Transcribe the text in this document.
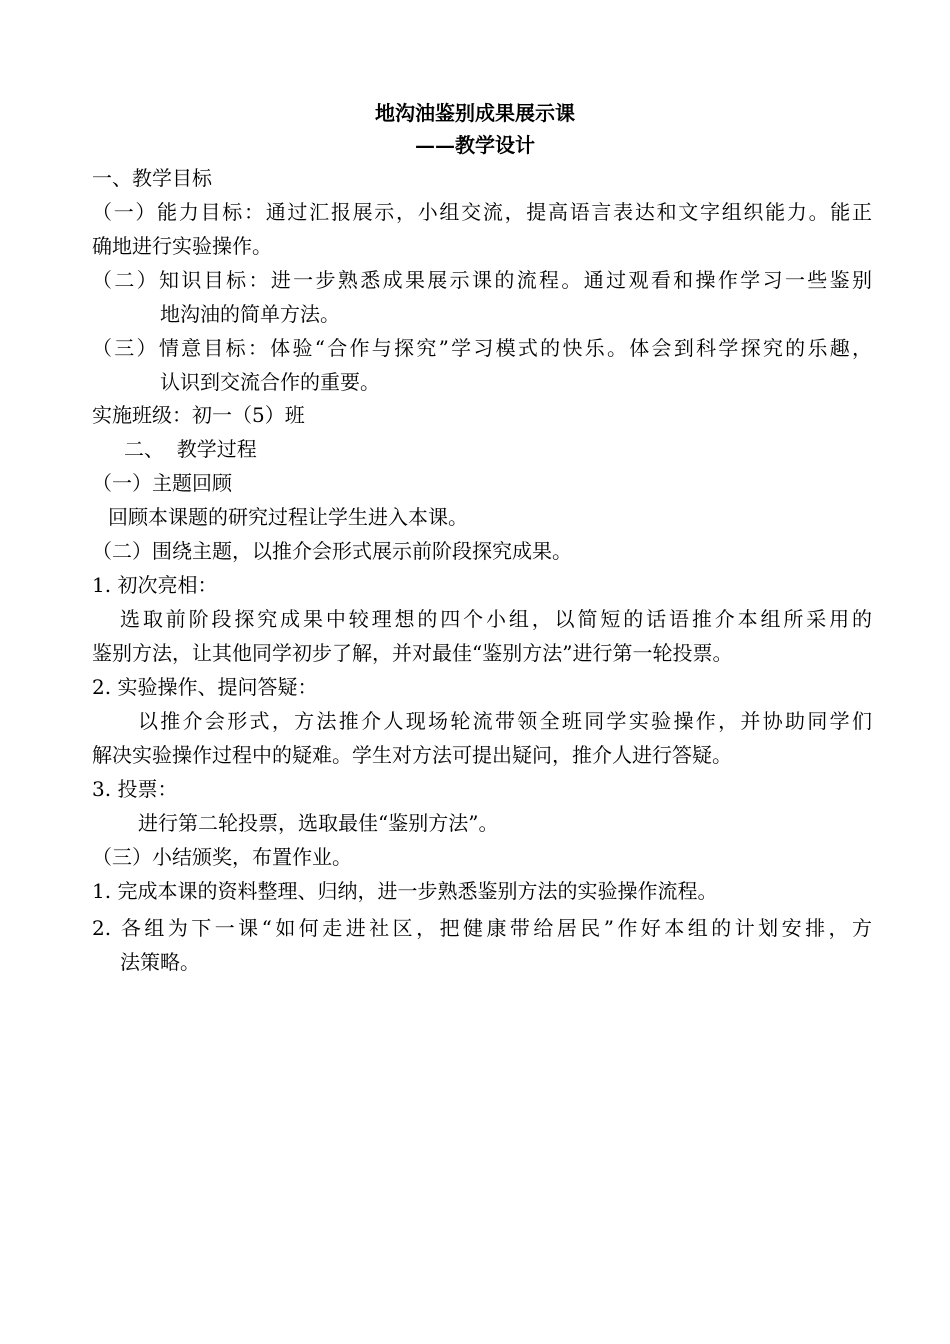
地沟油鉴别成果展示课
——教学设计
一、教学目标
（一）能力目标：通过汇报展示，小组交流，提高语言表达和文字组织能力。能正
确地进行实验操作。
（二）知识目标：进一步熟悉成果展示课的流程。通过观看和操作学习一些鉴别
地沟油的简单方法。
（三）情意目标：体验“合作与探究”学习模式的快乐。体会到科学探究的乐趣，
认识到交流合作的重要。
实施班级：初一（5）班
二、  教学过程
（一）主题回顾
回顾本课题的研究过程让学生进入本课。
（二）围绕主题，以推介会形式展示前阶段探究成果。
1. 初次亮相：
选取前阶段探究成果中较理想的四个小组，以简短的话语推介本组所采用的
鉴别方法，让其他同学初步了解，并对最佳“鉴别方法”进行第一轮投票。
2. 实验操作、提问答疑：
以推介会形式，方法推介人现场轮流带领全班同学实验操作，并协助同学们
解决实验操作过程中的疑难。学生对方法可提出疑问，推介人进行答疑。
3. 投票：
进行第二轮投票，选取最佳“鉴别方法”。
（三）小结颁奖，布置作业。
1. 完成本课的资料整理、归纳，进一步熟悉鉴别方法的实验操作流程。
2. 各组为下一课“如何走进社区，把健康带给居民”作好本组的计划安排，方
法策略。
